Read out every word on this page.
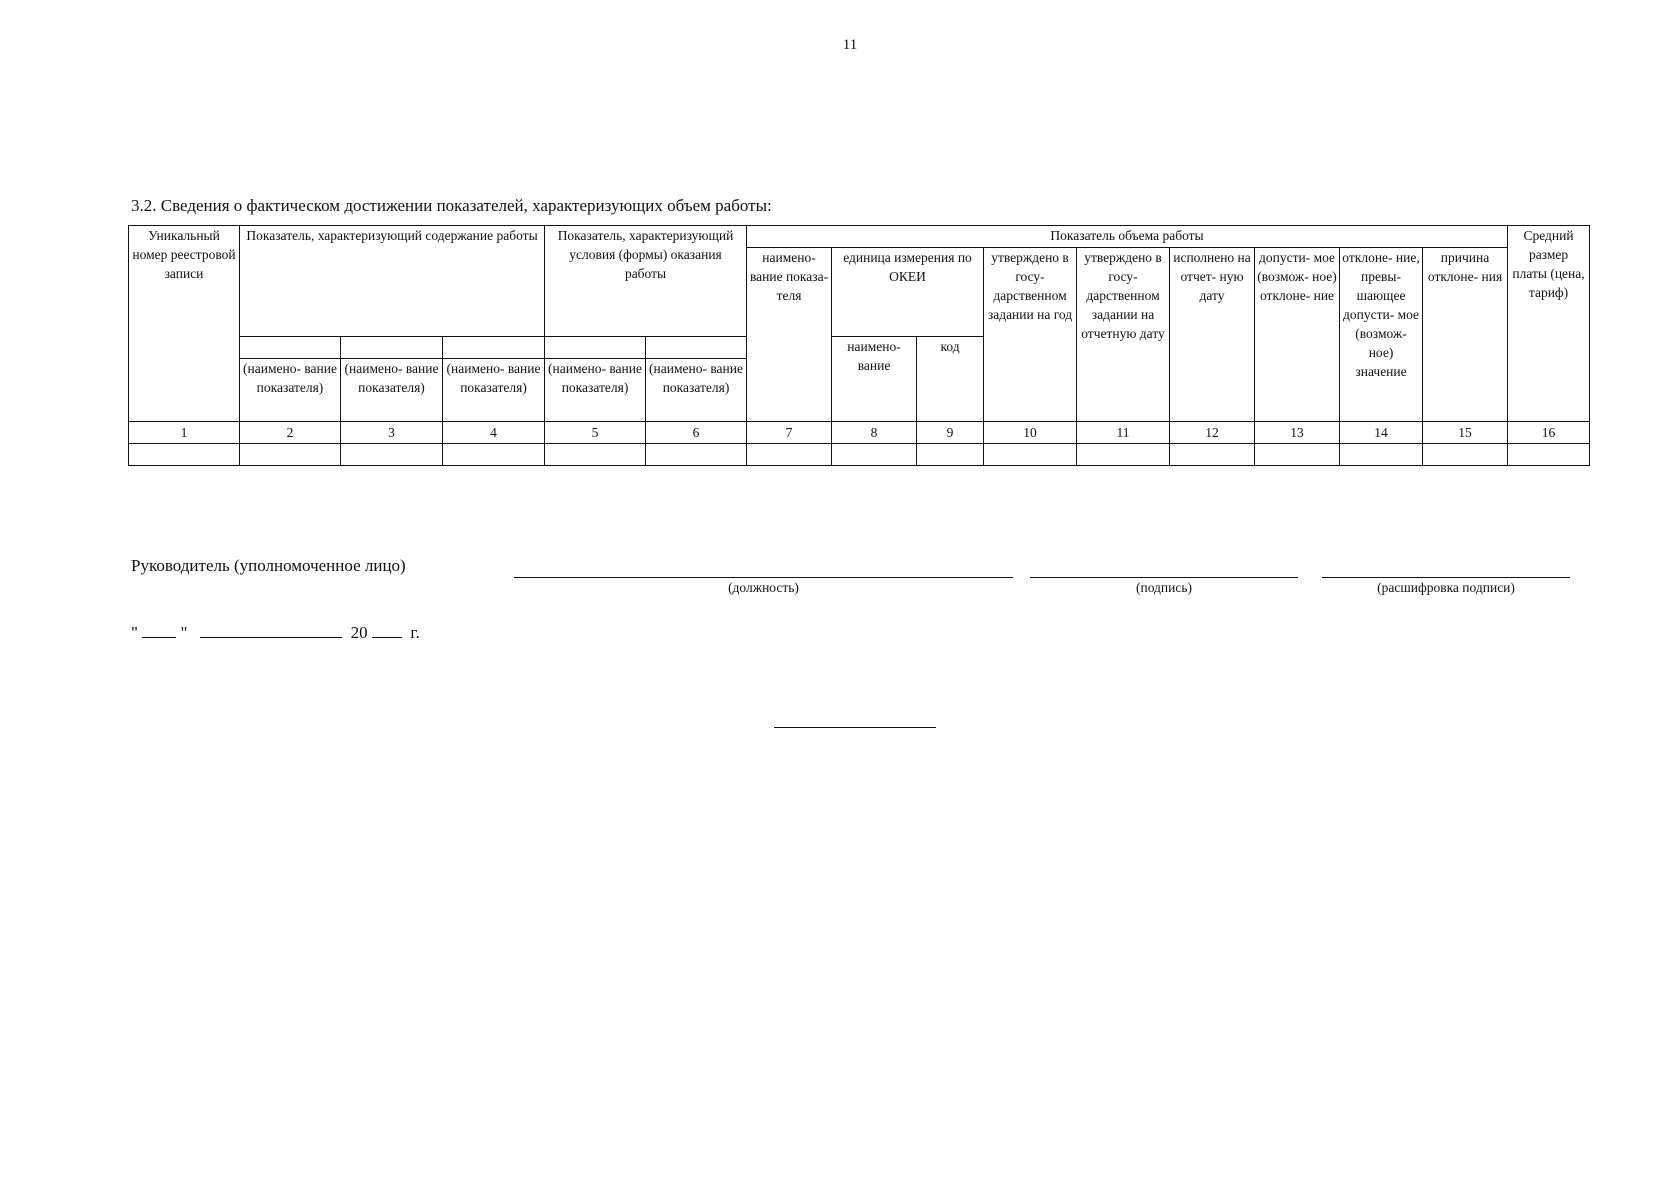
11
3.2. Сведения о фактическом достижении показателей, характеризующих объем работы:
Уникальный номер реестровой записи	Показатель, характеризующий содержание работы			Показатель, характеризующий условия (формы) оказания работы		Показатель объема работы									Средний размер платы (цена, тариф)
						наимено- вание показа- теля	единица измерения по ОКЕИ		утверждено в госу- дарственном задании на год	утверждено в госу- дарственном задании на отчетную дату	исполнено на отчет- ную дату	допусти- мое (возмож- ное) отклоне- ние	отклоне- ние, превы- шающее допусти- мое (возмож- ное) значение	причина отклоне- ния	
							наимено- вание	код							
	(наимено- вание показателя)	(наимено- вание показателя)	(наимено- вание показателя)	(наимено- вание показателя)	(наимено- вание показателя)										
1	2	3	4	5	6	7	8	9	10	11	12	13	14	15	16

Руководитель (уполномоченное лицо)
(должность)	(подпись)	(расшифровка подписи)
"	"	20	г.
